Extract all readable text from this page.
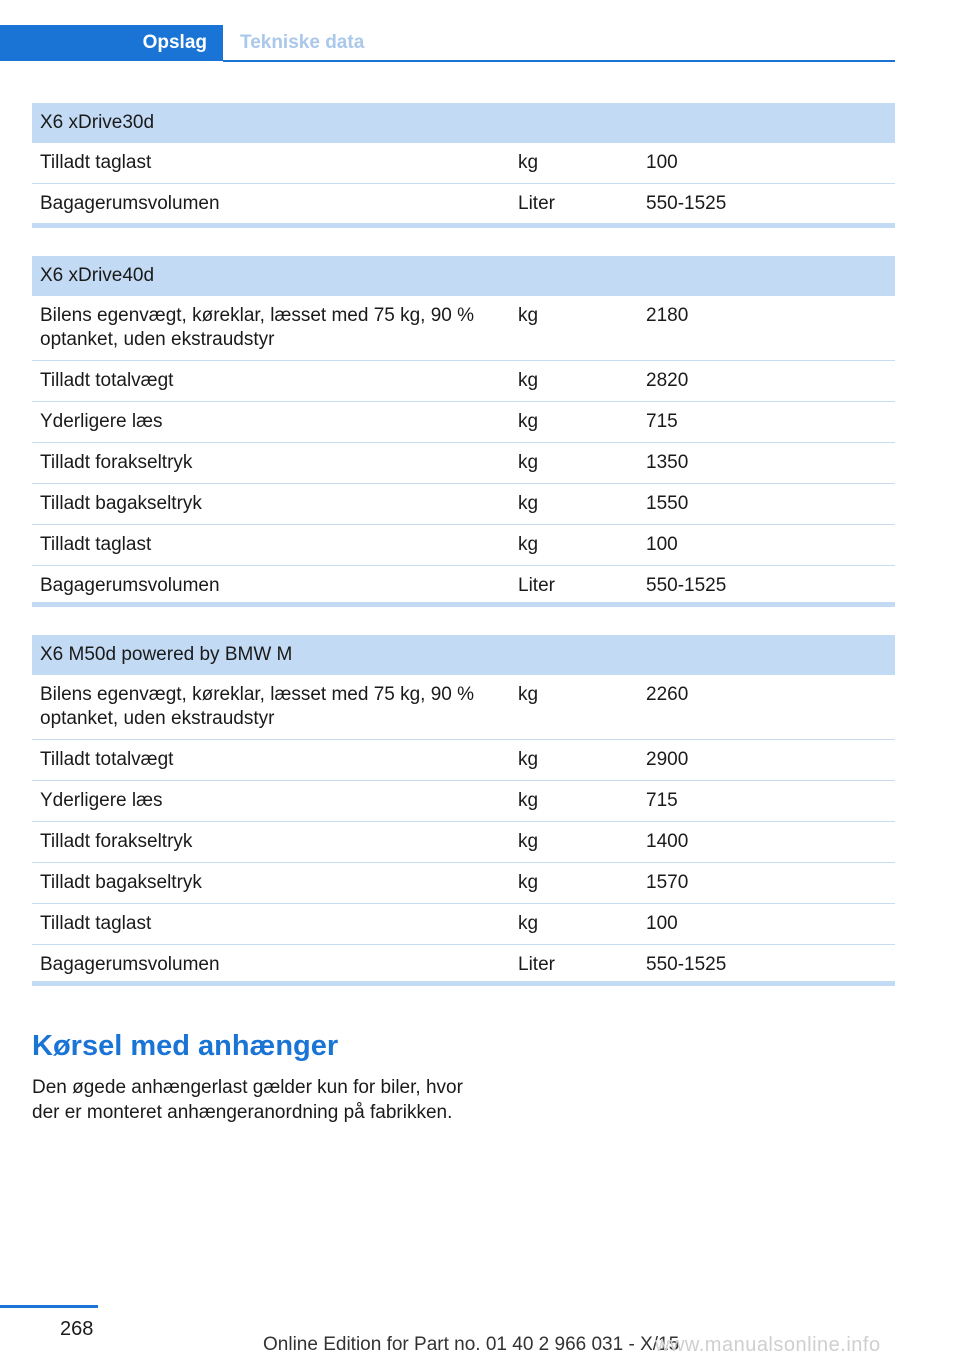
Opslag	Tekniske data
X6 xDrive30d		
Tilladt taglast	kg	100
Bagagerumsvolumen	Liter	550-1525
X6 xDrive40d		
Bilens egenvægt, køreklar, læsset med 75 kg, 90 % optanket, uden ekstraudstyr	kg	2180
Tilladt totalvægt	kg	2820
Yderligere læs	kg	715
Tilladt forakseltryk	kg	1350
Tilladt bagakseltryk	kg	1550
Tilladt taglast	kg	100
Bagagerumsvolumen	Liter	550-1525
X6 M50d powered by BMW M		
Bilens egenvægt, køreklar, læsset med 75 kg, 90 % optanket, uden ekstraudstyr	kg	2260
Tilladt totalvægt	kg	2900
Yderligere læs	kg	715
Tilladt forakseltryk	kg	1400
Tilladt bagakseltryk	kg	1570
Tilladt taglast	kg	100
Bagagerumsvolumen	Liter	550-1525
Kørsel med anhænger
Den øgede anhængerlast gælder kun for biler, hvor der er monteret anhængeranordning på fabrikken.
268
Online Edition for Part no. 01 40 2 966 031 - X/15
www.manualsonline.info
